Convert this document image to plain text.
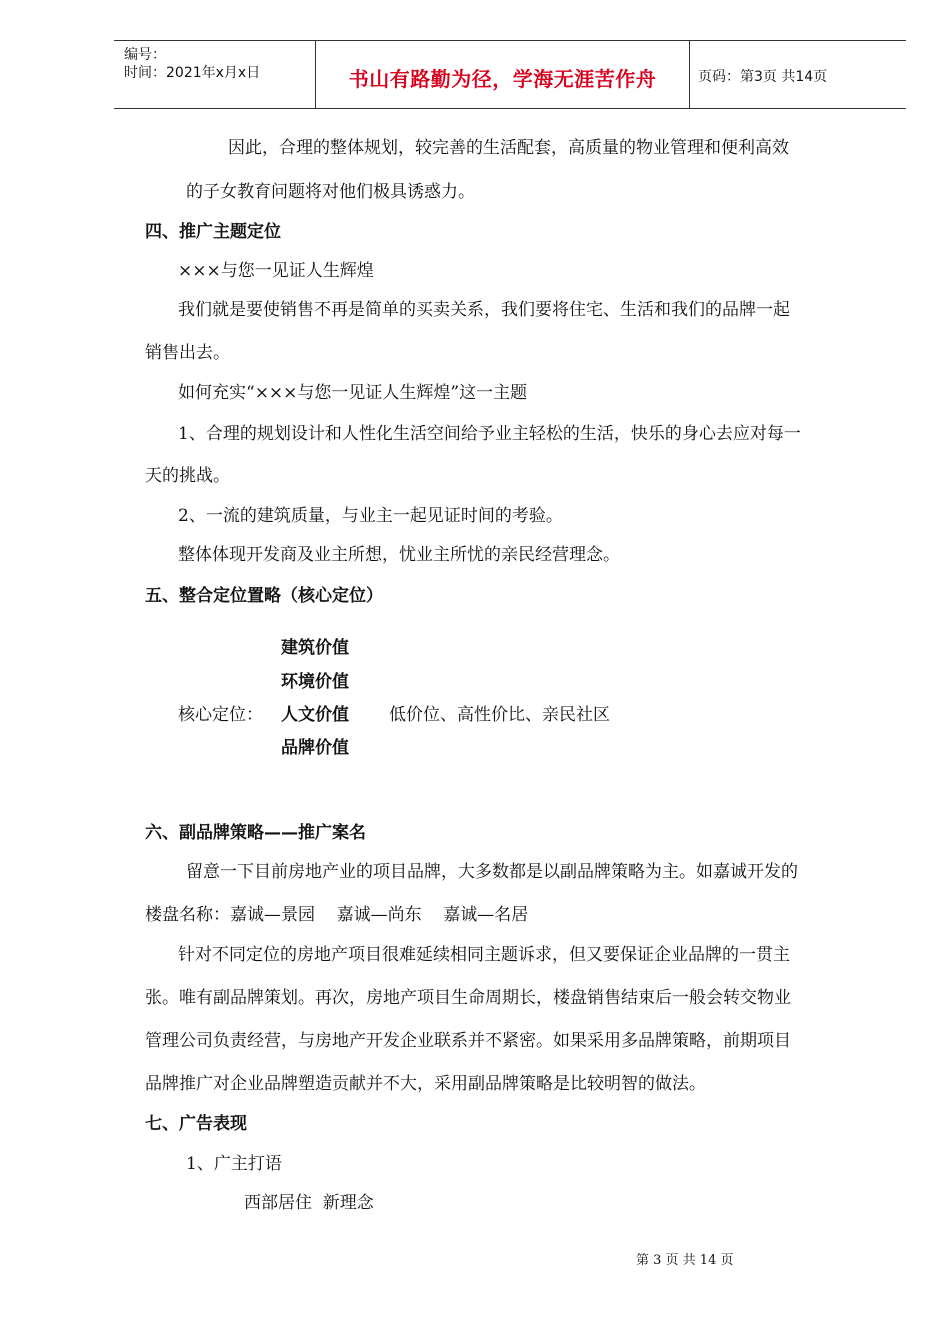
编号：
时间：2021年x月x日	书山有路勤为径，学海无涯苦作舟	页码：第3页 共14页
因此，合理的整体规划，较完善的生活配套，高质量的物业管理和便利高效
的子女教育问题将对他们极具诱惑力。
四、推广主题定位
×××与您一见证人生辉煌
我们就是要使销售不再是简单的买卖关系，我们要将住宅、生活和我们的品牌一起
销售出去。
如何充实“×××与您一见证人生辉煌”这一主题
1、合理的规划设计和人性化生活空间给予业主轻松的生活，快乐的身心去应对每一
天的挑战。
2、一流的建筑质量，与业主一起见证时间的考验。
整体体现开发商及业主所想，忧业主所忧的亲民经营理念。
五、整合定位置略（核心定位）
建筑价值
环境价值
核心定位： 人文价值 低价位、高性价比、亲民社区
品牌价值
六、副品牌策略——推广案名
留意一下目前房地产业的项目品牌，大多数都是以副品牌策略为主。如嘉诚开发的
楼盘名称：嘉诚—景园    嘉诚—尚东    嘉诚—名居
针对不同定位的房地产项目很难延续相同主题诉求，但又要保证企业品牌的一贯主
张。唯有副品牌策划。再次，房地产项目生命周期长，楼盘销售结束后一般会转交物业
管理公司负责经营，与房地产开发企业联系并不紧密。如果采用多品牌策略，前期项目
品牌推广对企业品牌塑造贡献并不大，采用副品牌策略是比较明智的做法。
七、广告表现
1、广主打语
西部居住  新理念
第 3 页 共 14 页
